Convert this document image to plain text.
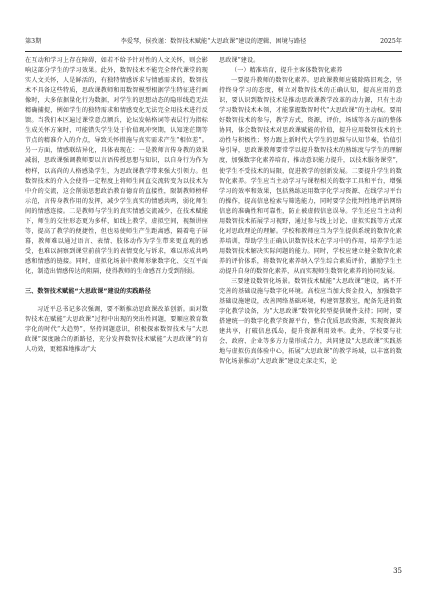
第3期	李爱琴，侯孜谨：数智技术赋能“大思政课”建设的逻辑、困境与路径	2025年

在互动和学习上存在障碍，如若不给予针对性的人文关怀，则会影响这部分学生的学习效果。此外，数智技术不能完全替代课堂的现实人文关怀，人是鲜活的，有独特情感诉求与情感需求的，数智技术不具备这些特质，思政课教师和用数智模型根据学生特征进行画像时，大多依据量化行为数据，对学生的思想动态的隐形线造无法精确捕捉，例如学生的独特需求和情感变化无法完全用技术进行反馈。当我们本区遍过课堂意点额兵，论坛发帖格词等表层行为指标生成关怀方案时，可能错失学生处于价值观冲突期，认知迷茫期等节点的精准介入的介点，导致关怀措施与真实需求产生“相位差”。另一方面，情感联结异化，具体表现在：一是教师言传身教的效果减弱，思政课强调教师要以言语传授思想与知识，以自身行为作为榜样，以高尚的人格感染学生，为思政课教学带来强大引领力。但数智技术的介入会使得一定程度上将师生间直交流转变为以技术为中介的交流，这会削弱思想政治教育德育的直接性，限制教师榜样示范，言传身教作用的发挥，减少学生真实的情感共鸣，弱化师生间的情感连接。二是教师与学生的真实情感交流减少，在技术赋能下，师生的交往形态更为多样，如线上教学，虚拟空间，视频讲座等，提高了教学的便捷性，但也易使师生产生距离感，隔着电子屏幕，教师难以通过语言、表情、肢体动作为学生带来更直观的感受，也难以洞察到课堂前前学生的表情变化与诉求，难以形成共鸣感和情感的链接。同时，虚拟化场景中教师形象数字化、交互平面化，制造出情感传达的阻隔，使得教师的生命感召力受到削弱。

三、数智技术赋能“大思政课”建设的实践路径

习近平总书记多次强调，要不断推动思政课改革创新。面对数智技术在赋能“大思政课”过程中出现的突出性问题，要顺应教育数字化的时代“大趋势”，坚持问题意识，积极探索数智技术与“大思政课”深度融合的新路径，充分发挥数智技术赋能“大思政课”的育人功效，更精准地推动“大

思政课”建设。

（一）精准培育，提升主客体数智化素养

一要提升教师的数智化素养。思政课教师应破除陈旧观念，坚持终身学习的态度，树立对数智技术的正确认知，提高应用的意识，要认识到数智技术是推动思政课教学改革的动力源，只有主动学习数智技术本领，才能掌握数智时代“大思政课”的主动权。要用好数智技术的参与，教学方式，资源，评价，场域等各方面的整体协同，体会数智技术对思政课赋能的价值，提升应用数智技术的主动性与积极性；努力跟上新时代大学生的思维与认知节奏，恰值引导引导，思政课教师要常学以提升数智技术的熟练度与学生的理解度，加强数字化素养培育，推动意识能力提升，以技术服务课堂”，使学生不受技术的局限，促进教学的创新发展。二要提升学生的数智化素养。学生应当主动学习与课程相关的数字工具和平台，增强学习的效率和效果，包括熟练运用数字化学习资源、在线学习平台的操作，提高信息检索与筛选能力，同时要学会批判性地评估网络信息的准确性和可靠性，防止被虚假信息误导。学生还应当主动利用数智技术拓展学习视野，通过参与线上讨论、虚拟实践等方式深化对思政理论的理解。学校和教师应当为学生提供系统的数智化素养培训，帮助学生正确认识数智技术在学习中的作用，培养学生运用数智技术解决实际问题的能力。同时，学校应建立健全数智化素养的评价体系，将数智化素养纳入学生综合素质评价，激励学生主动提升自身的数智化素养，从而实现师生数智化素养的协同发展。

三要建设数智化场景。数智技术赋能“大思政课”建设，离不开完善的基础设施与数字化环境。高校应当加大资金投入，加强数字基础设施建设，改善网络基础环境，构建智慧教室，配备先进的数字化教学设备，为“大思政课”数智化转型提供硬件支持；同时，要搭建统一的数字化教学资源平台，整合优质思政资源，实现资源共建共享，打破信息孤岛，提升资源利用效率。此外，学校要与社会、政府、企业等多方力量形成合力，共同建设“大思政课”实践基地与虚拟仿真体验中心，拓展“大思政课”的教学场域，以丰富的数智化场景推动“大思政课”建设走深走实，论

35
